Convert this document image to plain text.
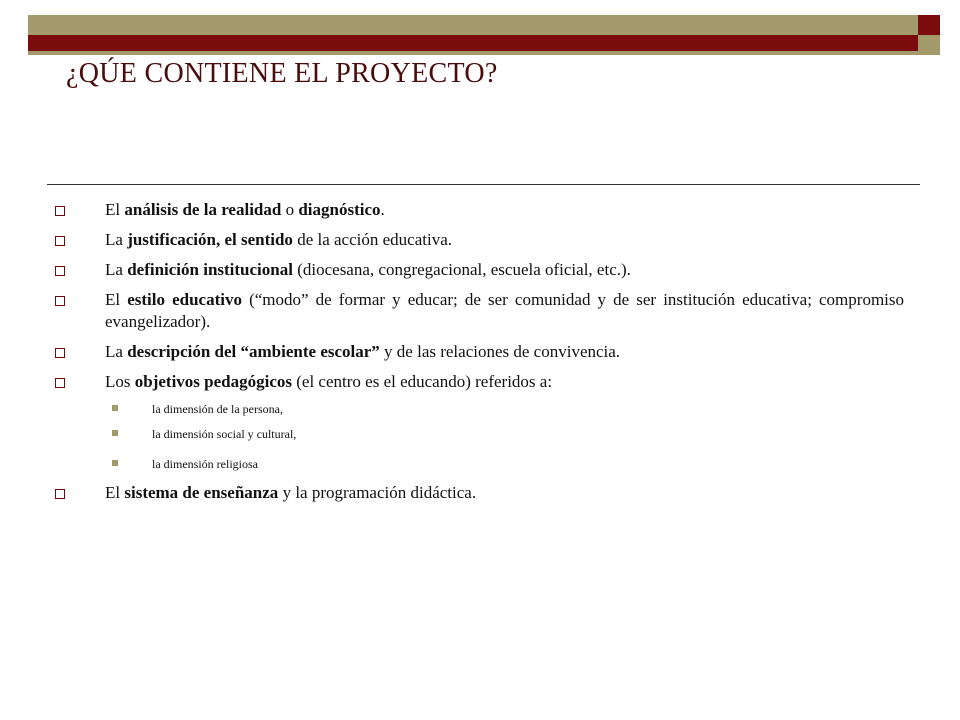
¿QÚE CONTIENE EL PROYECTO?
El análisis de la realidad o diagnóstico.
La justificación, el sentido de la acción educativa.
La definición institucional (diocesana, congregacional, escuela oficial, etc.).
El estilo educativo (“modo” de formar y educar; de ser comunidad y de ser institución educativa; compromiso evangelizador).
La descripción del “ambiente escolar” y de las relaciones de convivencia.
Los objetivos pedagógicos (el centro es el educando) referidos a:
la dimensión de la persona,
la dimensión social y cultural,
la dimensión religiosa
El sistema de enseñanza y la programación didáctica.
